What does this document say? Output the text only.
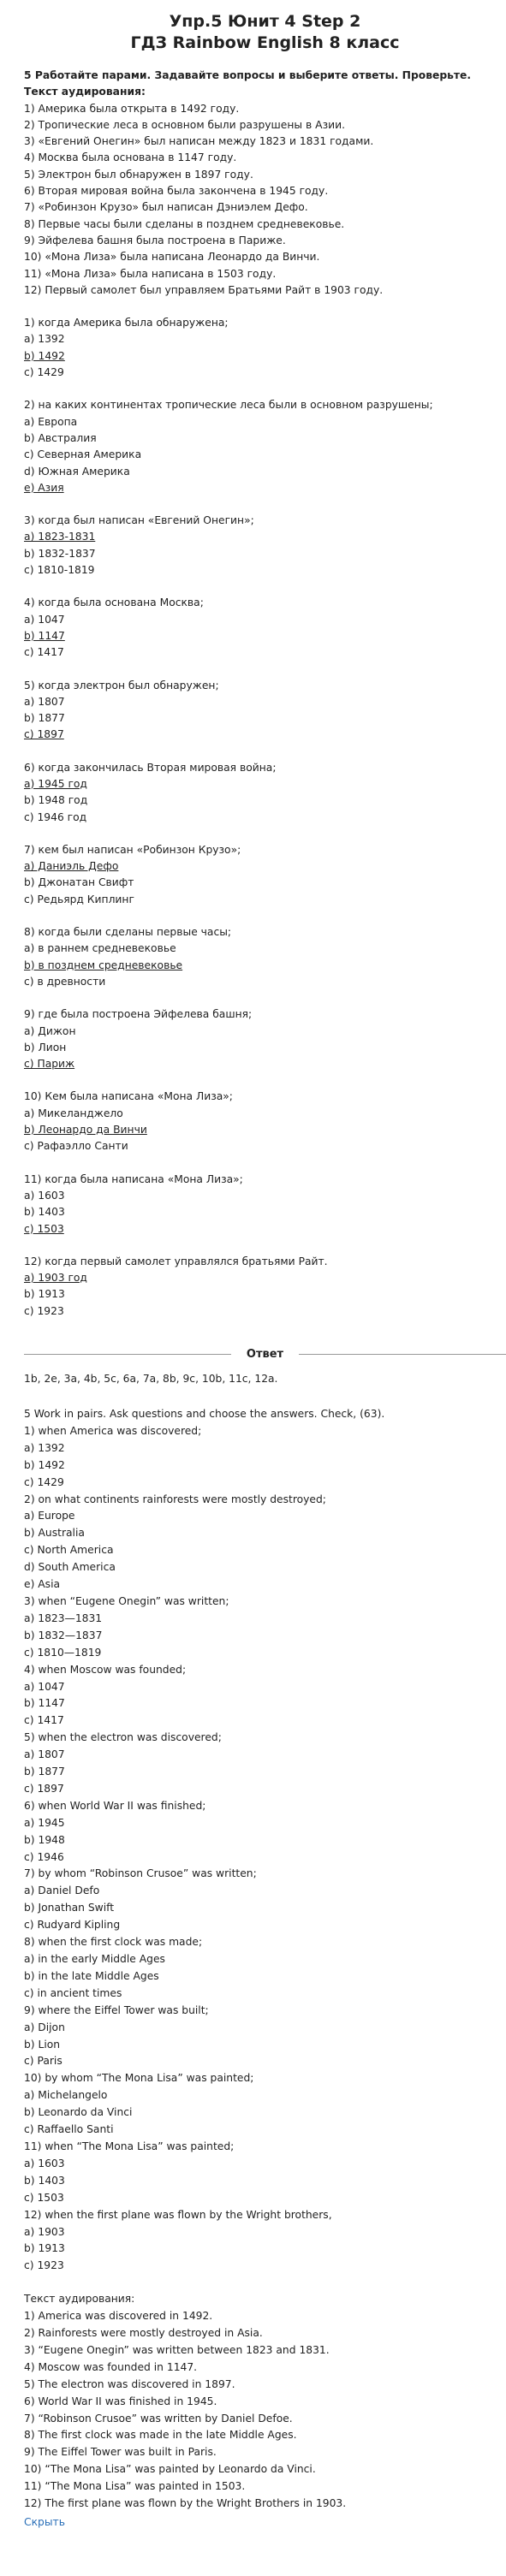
Упр.5 Юнит 4 Step 2
ГДЗ Rainbow English 8 класс
5 Работайте парами. Задавайте вопросы и выберите ответы. Проверьте.
Текст аудирования:
1) Америка была открыта в 1492 году.
2) Тропические леса в основном были разрушены в Азии.
3) «Евгений Онегин» был написан между 1823 и 1831 годами.
4) Москва была основана в 1147 году.
5) Электрон был обнаружен в 1897 году.
6) Вторая мировая война была закончена в 1945 году.
7) «Робинзон Крузо» был написан Дэниэлем Дефо.
8) Первые часы были сделаны в позднем средневековье.
9) Эйфелева башня была построена в Париже.
10) «Мона Лиза» была написана Леонардо да Винчи.
11) «Мона Лиза» была написана в 1503 году.
12) Первый самолет был управляем Братьями Райт в 1903 году.
1) когда Америка была обнаружена;
a) 1392
b) 1492
c) 1429
2) на каких континентах тропические леса были в основном разрушены;
a) Европа
b) Австралия
c) Северная Америка
d) Южная Америка
e) Азия
3) когда был написан «Евгений Онегин»;
a) 1823-1831
b) 1832-1837
c) 1810-1819
4) когда была основана Москва;
a) 1047
b) 1147
c) 1417
5) когда электрон был обнаружен;
a) 1807
b) 1877
c) 1897
6) когда закончилась Вторая мировая война;
a) 1945 год
b) 1948 год
c) 1946 год
7) кем был написан «Робинзон Крузо»;
a) Даниэль Дефо
b) Джонатан Свифт
c) Редьярд Киплинг
8) когда были сделаны первые часы;
a) в раннем средневековье
b) в позднем средневековье
c) в древности
9) где была построена Эйфелева башня;
a) Дижон
b) Лион
c) Париж
10) Кем была написана «Мона Лиза»;
a) Микеланджело
b) Леонардо да Винчи
c) Рафаэлло Санти
11) когда была написана «Мона Лиза»;
a) 1603
b) 1403
c) 1503
12) когда первый самолет управлялся братьями Райт.
a) 1903 год
b) 1913
c) 1923
Ответ
1b, 2e, 3a, 4b, 5c, 6a, 7a, 8b, 9c, 10b, 11c, 12a.
5 Work in pairs. Ask questions and choose the answers. Check, (63).
1) when America was discovered;
a) 1392
b) 1492
c) 1429
2) on what continents rainforests were mostly destroyed;
a) Europe
b) Australia
c) North America
d) South America
e) Asia
3) when “Eugene Onegin” was written;
a) 1823—1831
b) 1832—1837
c) 1810—1819
4) when Moscow was founded;
a) 1047
b) 1147
c) 1417
5) when the electron was discovered;
a) 1807
b) 1877
c) 1897
6) when World War II was finished;
a) 1945
b) 1948
c) 1946
7) by whom “Robinson Crusoe” was written;
a) Daniel Defo
b) Jonathan Swift
c) Rudyard Kipling
8) when the first clock was made;
a) in the early Middle Ages
b) in the late Middle Ages
c) in ancient times
9) where the Eiffel Tower was built;
a) Dijon
b) Lion
c) Paris
10) by whom “The Mona Lisa” was painted;
a) Michelangelo
b) Leonardo da Vinci
c) Raffaello Santi
11) when “The Mona Lisa” was painted;
a) 1603
b) 1403
c) 1503
12) when the first plane was flown by the Wright brothers,
a) 1903
b) 1913
c) 1923
Текст аудирования:
1) America was discovered in 1492.
2) Rainforests were mostly destroyed in Asia.
3) “Eugene Onegin” was written between 1823 and 1831.
4) Moscow was founded in 1147.
5) The electron was discovered in 1897.
6) World War II was finished in 1945.
7) “Robinson Crusoe” was written by Daniel Defoe.
8) The first clock was made in the late Middle Ages.
9) The Eiffel Tower was built in Paris.
10) “The Mona Lisa” was painted by Leonardo da Vinci.
11) “The Mona Lisa” was painted in 1503.
12) The first plane was flown by the Wright Brothers in 1903.
Скрыть
